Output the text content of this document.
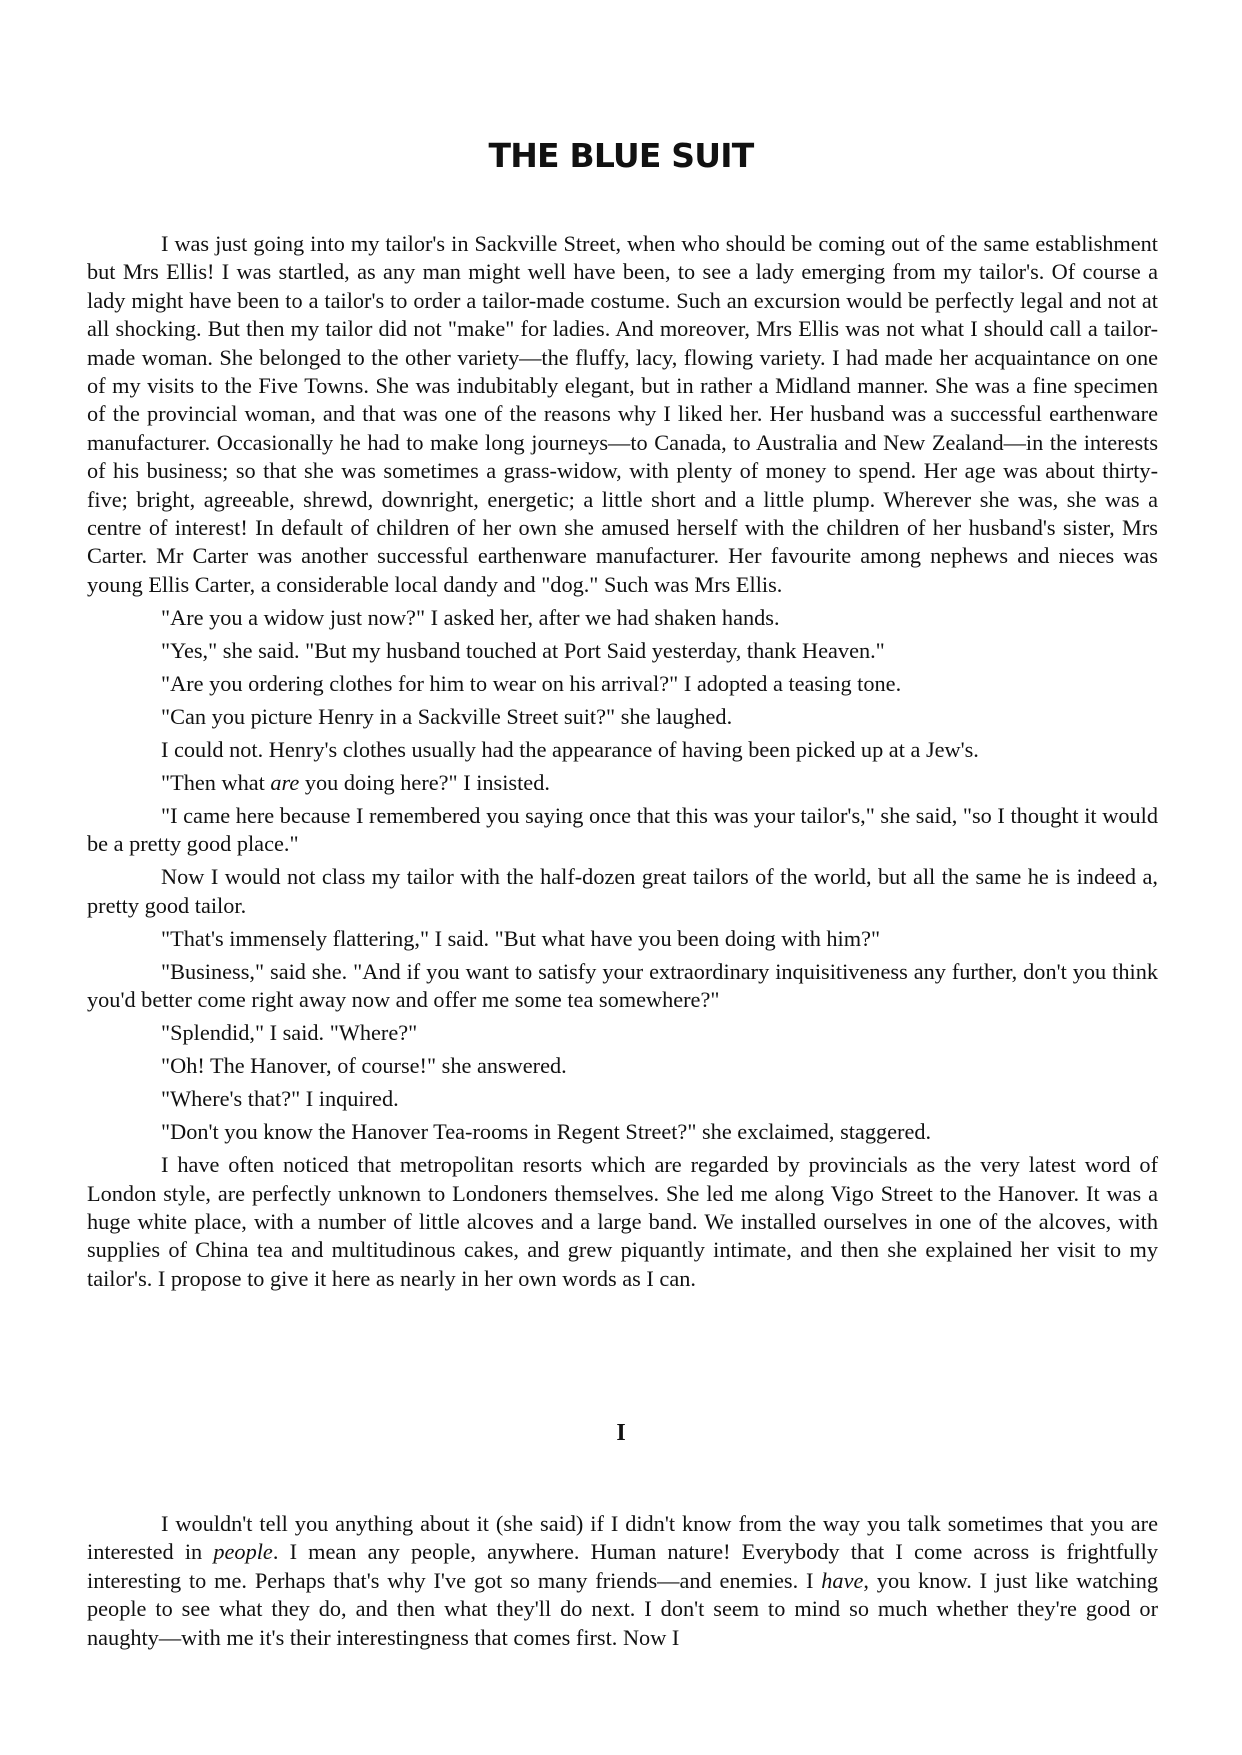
THE BLUE SUIT

I was just going into my tailor's in Sackville Street, when who should be coming out of the same establishment but Mrs Ellis! I was startled, as any man might well have been, to see a lady emerging from my tailor's. Of course a lady might have been to a tailor's to order a tailor-made costume. Such an excursion would be perfectly legal and not at all shocking. But then my tailor did not "make" for ladies. And moreover, Mrs Ellis was not what I should call a tailor-made woman. She belonged to the other variety—the fluffy, lacy, flowing variety. I had made her acquaintance on one of my visits to the Five Towns. She was indubitably elegant, but in rather a Midland manner. She was a fine specimen of the provincial woman, and that was one of the reasons why I liked her. Her husband was a successful earthenware manufacturer. Occasionally he had to make long journeys—to Canada, to Australia and New Zealand—in the interests of his business; so that she was sometimes a grass-widow, with plenty of money to spend. Her age was about thirty-five; bright, agreeable, shrewd, downright, energetic; a little short and a little plump. Wherever she was, she was a centre of interest! In default of children of her own she amused herself with the children of her husband's sister, Mrs Carter. Mr Carter was another successful earthenware manufacturer. Her favourite among nephews and nieces was young Ellis Carter, a considerable local dandy and "dog." Such was Mrs Ellis.

"Are you a widow just now?" I asked her, after we had shaken hands.

"Yes," she said. "But my husband touched at Port Said yesterday, thank Heaven."

"Are you ordering clothes for him to wear on his arrival?" I adopted a teasing tone.

"Can you picture Henry in a Sackville Street suit?" she laughed.

I could not. Henry's clothes usually had the appearance of having been picked up at a Jew's.

"Then what are you doing here?" I insisted.

"I came here because I remembered you saying once that this was your tailor's," she said, "so I thought it would be a pretty good place."

Now I would not class my tailor with the half-dozen great tailors of the world, but all the same he is indeed a, pretty good tailor.

"That's immensely flattering," I said. "But what have you been doing with him?"

"Business," said she. "And if you want to satisfy your extraordinary inquisitiveness any further, don't you think you'd better come right away now and offer me some tea somewhere?"

"Splendid," I said. "Where?"

"Oh! The Hanover, of course!" she answered.

"Where's that?" I inquired.

"Don't you know the Hanover Tea-rooms in Regent Street?" she exclaimed, staggered.

I have often noticed that metropolitan resorts which are regarded by provincials as the very latest word of London style, are perfectly unknown to Londoners themselves. She led me along Vigo Street to the Hanover. It was a huge white place, with a number of little alcoves and a large band. We installed ourselves in one of the alcoves, with supplies of China tea and multitudinous cakes, and grew piquantly intimate, and then she explained her visit to my tailor's. I propose to give it here as nearly in her own words as I can.

I

I wouldn't tell you anything about it (she said) if I didn't know from the way you talk sometimes that you are interested in people. I mean any people, anywhere. Human nature! Everybody that I come across is frightfully interesting to me. Perhaps that's why I've got so many friends—and enemies. I have, you know. I just like watching people to see what they do, and then what they'll do next. I don't seem to mind so much whether they're good or naughty—with me it's their interestingness that comes first. Now I
